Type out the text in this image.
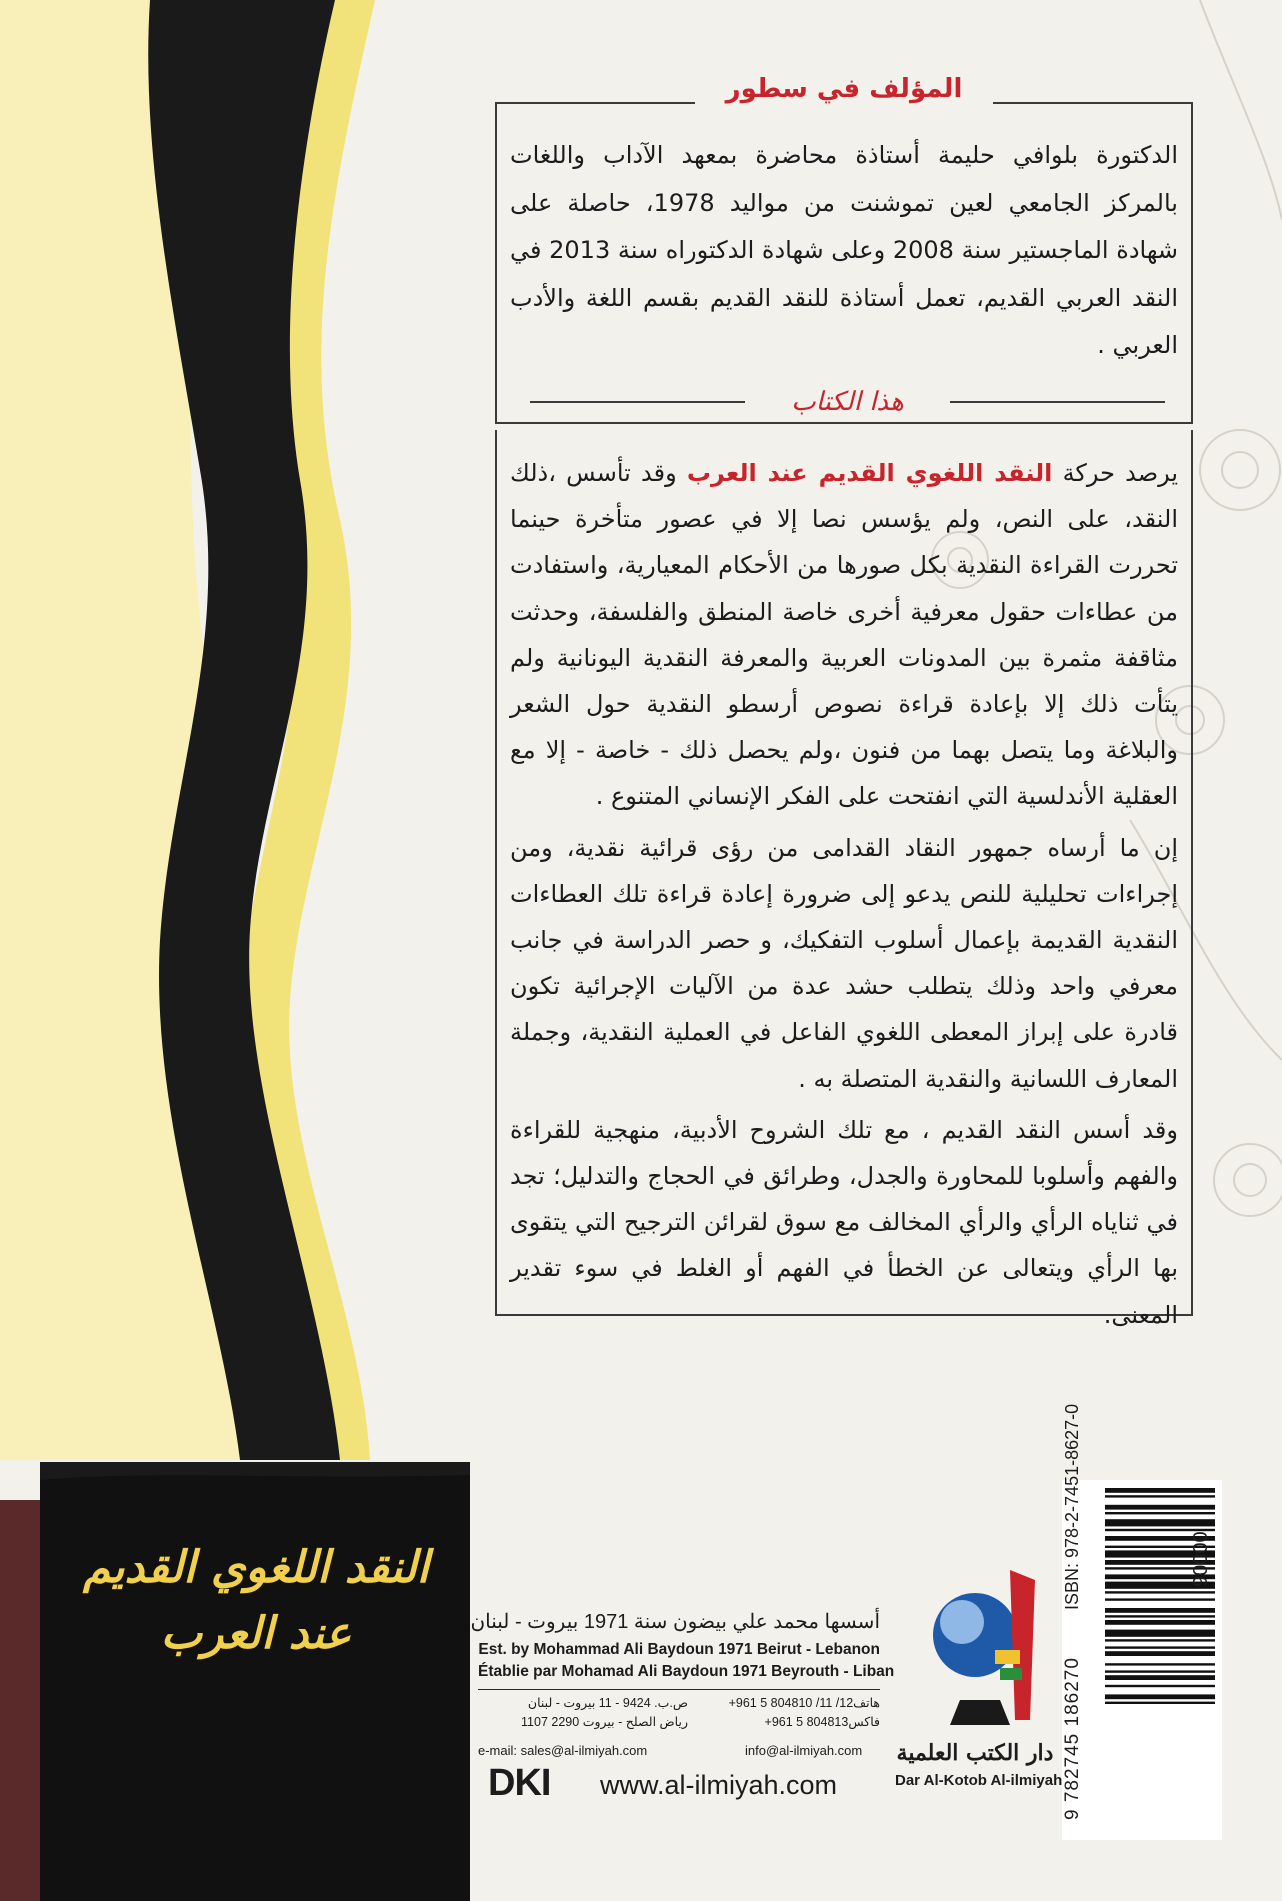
المؤلف في سطور

الدكتورة بلوافي حليمة أستاذة محاضرة بمعهد الآداب واللغات بالمركز الجامعي لعين تموشنت من مواليد 1978، حاصلة على شهادة الماجستير سنة 2008 وعلى شهادة الدكتوراه سنة 2013 في النقد العربي القديم، تعمل أستاذة للنقد القديم بقسم اللغة والأدب العربي .

هذا الكتاب

يرصد حركة النقد اللغوي القديم عند العرب وقد تأسس ،ذلك النقد، على النص، ولم يؤسس نصا إلا في عصور متأخرة حينما تحررت القراءة النقدية بكل صورها من الأحكام المعيارية، واستفادت من عطاءات حقول معرفية أخرى خاصة المنطق والفلسفة، وحدثت مثاقفة مثمرة بين المدونات العربية والمعرفة النقدية اليونانية ولم يتأت ذلك إلا بإعادة قراءة نصوص أرسطو النقدية حول الشعر والبلاغة وما يتصل بهما من فنون ،ولم يحصل ذلك - خاصة - إلا مع العقلية الأندلسية التي انفتحت على الفكر الإنساني المتنوع .

إن ما أرساه جمهور النقاد القدامى من رؤى قرائية نقدية، ومن إجراءات تحليلية للنص يدعو إلى ضرورة إعادة قراءة تلك العطاءات النقدية القديمة بإعمال أسلوب التفكيك، و حصر الدراسة في جانب معرفي واحد وذلك يتطلب حشد عدة من الآليات الإجرائية تكون قادرة على إبراز المعطى اللغوي الفاعل في العملية النقدية، وجملة المعارف اللسانية والنقدية المتصلة به .

وقد أسس النقد القديم ، مع تلك الشروح الأدبية، منهجية للقراءة والفهم وأسلوبا للمحاورة والجدل، وطرائق في الحجاج والتدليل؛ تجد في ثناياه الرأي والرأي المخالف مع سوق لقرائن الترجيح التي يتقوى بها الرأي ويتعالى عن الخطأ في الفهم أو الغلط في سوء تقدير المعنى.

النقد اللغوي القديم
عند العرب	أسسها محمد علي بيضون سنة 1971 بيروت - لبنان
Est. by Mohammad Ali Baydoun 1971 Beirut - Lebanon
Établie par Mohamad Ali Baydoun 1971 Beyrouth - Liban
هاتف12/ 11/ 804810 5 961+
فاكس804813 5 961+
ص.ب. 9424 - 11 بيروت - لبنان
رياض الصلح - بيروت 2290 1107
e-mail: sales@al-ilmiyah.com	info@al-ilmiyah.com
DKI www.al-ilmiyah.com
دار الكتب العلمية
Dar Al-Kotob Al-ilmiyah
ISBN: 978-2-7451-8627-0	90000
9 782745 186270
